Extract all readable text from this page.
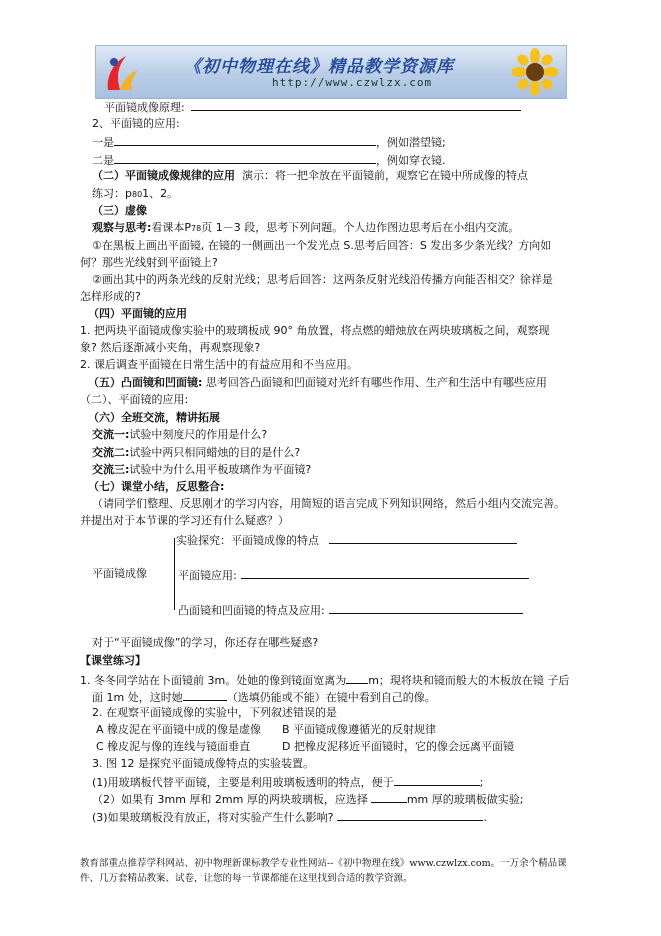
《初中物理在线》精品教学资源库
http://www.czwlzx.com
平面镜成像原理:
2、平面镜的应用:
一是	，例如潜望镜;
二是	，例如穿衣镜.
（二）平面镜成像规律的应用 演示：将一把伞放在平面镜前，观察它在镜中所成像的特点
练习：p801、2。
（三）虚像
观察与思考:看课本P78页 1－3 段，思考下列问题。个人边作图边思考后在小组内交流。
①在黑板上画出平面镜, 在镜的一侧画出一个发光点 S.思考后回答：S 发出多少条光线？方向如
何？那些光线射到平面镜上?
②画出其中的两条光线的反射光线；思考后回答：这两条反射光线沿传播方向能否相交？徐祥是
怎样形成的?
（四）平面镜的应用
1. 把两块平面镜成像实验中的玻璃板成 90° 角放置，将点燃的蜡烛放在两块玻璃板之间，观察现
象? 然后逐渐减小夹角，再观察现象?
2. 课后调查平面镜在日常生活中的有益应用和不当应用。
（五）凸面镜和凹面镜: 思考回答凸面镜和凹面镜对光纤有哪些作用、生产和生活中有哪些应用
（二）、平面镜的应用:
（六）全班交流，精讲拓展
交流一:试验中刻度尺的作用是什么?
交流二:试验中两只相同蜡烛的目的是什么?
交流三:试验中为什么用平板玻璃作为平面镜?
（七）课堂小结，反思整合:
（请同学们整理、反思刚才的学习内容，用简短的语言完成下列知识网络，然后小组内交流完善。
并提出对于本节课的学习还有什么疑惑？）
平面镜成像
实验探究：平面镜成像的特点
平面镜应用:
凸面镜和凹面镜的特点及应用:
对于“平面镜成像”的学习，你还存在哪些疑惑?
【课堂练习】
1. 冬冬同学站在卜面镜前 3m。处她的像到镜面宽离为 m；現将块和镜而般大的木板放在镜 子后
面 1m 处，这时她	（选填仍能或不能）在镜中看到自己的像。
2. 在观察平面镜成像的实验中，下列叙述错误的是
A 橡皮泥在平面镜中成的像是虚像 B 平面镜成像遵循光的反射规律
C 橡皮泥与像的连线与镜面垂直	D 把橡皮泥移近平面镜时，它的像会远离平面镜
3. 图 12 是探究平面镜成像特点的实验装置。
(1)用玻璃板代替平面镜，主要是利用玻璃板透明的特点，便于	;
（2）如果有 3mm 厚和 2mm 厚的两块玻璃板，应选择	mm 厚的玻璃板做实验;
(3)如果玻璃板没有放正，将对实验产生什么影响?	.
教育部重点推荐学科网站、初中物理新课标教学专业性网站--《初中物理在线》www.czwlzx.com。一万余个精品课
件、几万套精品教案、试卷，让您的每一节课都能在这里找到合适的教学资源。
